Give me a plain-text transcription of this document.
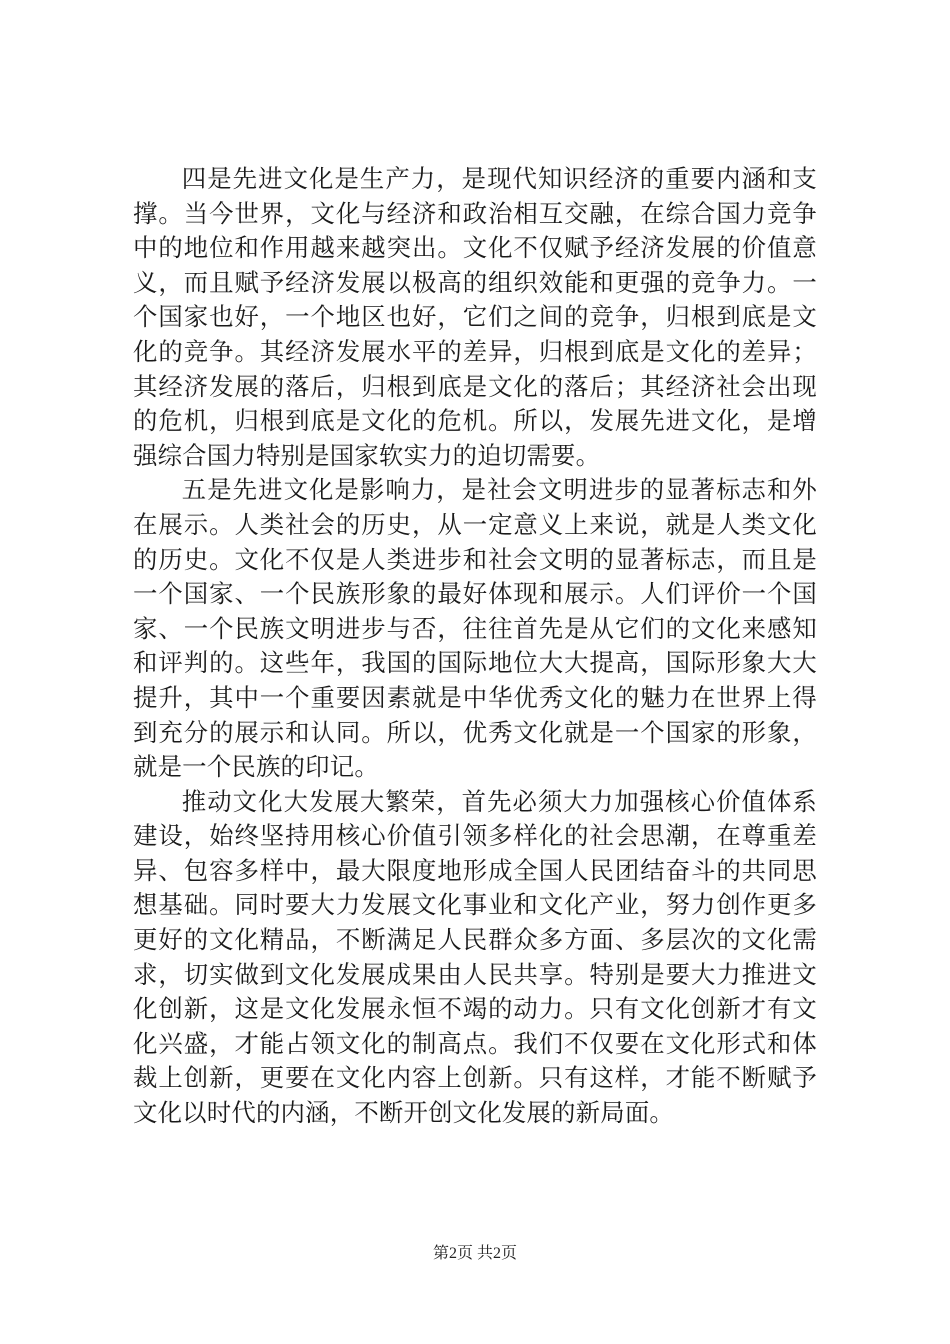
四是先进文化是生产力，是现代知识经济的重要内涵和支撑。当今世界，文化与经济和政治相互交融，在综合国力竞争中的地位和作用越来越突出。文化不仅赋予经济发展的价值意义，而且赋予经济发展以极高的组织效能和更强的竞争力。一个国家也好，一个地区也好，它们之间的竞争，归根到底是文化的竞争。其经济发展水平的差异，归根到底是文化的差异；其经济发展的落后，归根到底是文化的落后；其经济社会出现的危机，归根到底是文化的危机。所以，发展先进文化，是增强综合国力特别是国家软实力的迫切需要。

五是先进文化是影响力，是社会文明进步的显著标志和外在展示。人类社会的历史，从一定意义上来说，就是人类文化的历史。文化不仅是人类进步和社会文明的显著标志，而且是一个国家、一个民族形象的最好体现和展示。人们评价一个国家、一个民族文明进步与否，往往首先是从它们的文化来感知和评判的。这些年，我国的国际地位大大提高，国际形象大大提升，其中一个重要因素就是中华优秀文化的魅力在世界上得到充分的展示和认同。所以，优秀文化就是一个国家的形象，就是一个民族的印记。

推动文化大发展大繁荣，首先必须大力加强核心价值体系建设，始终坚持用核心价值引领多样化的社会思潮，在尊重差异、包容多样中，最大限度地形成全国人民团结奋斗的共同思想基础。同时要大力发展文化事业和文化产业，努力创作更多更好的文化精品，不断满足人民群众多方面、多层次的文化需求，切实做到文化发展成果由人民共享。特别是要大力推进文化创新，这是文化发展永恒不竭的动力。只有文化创新才有文化兴盛，才能占领文化的制高点。我们不仅要在文化形式和体裁上创新，更要在文化内容上创新。只有这样，才能不断赋予文化以时代的内涵，不断开创文化发展的新局面。

第2页 共2页
